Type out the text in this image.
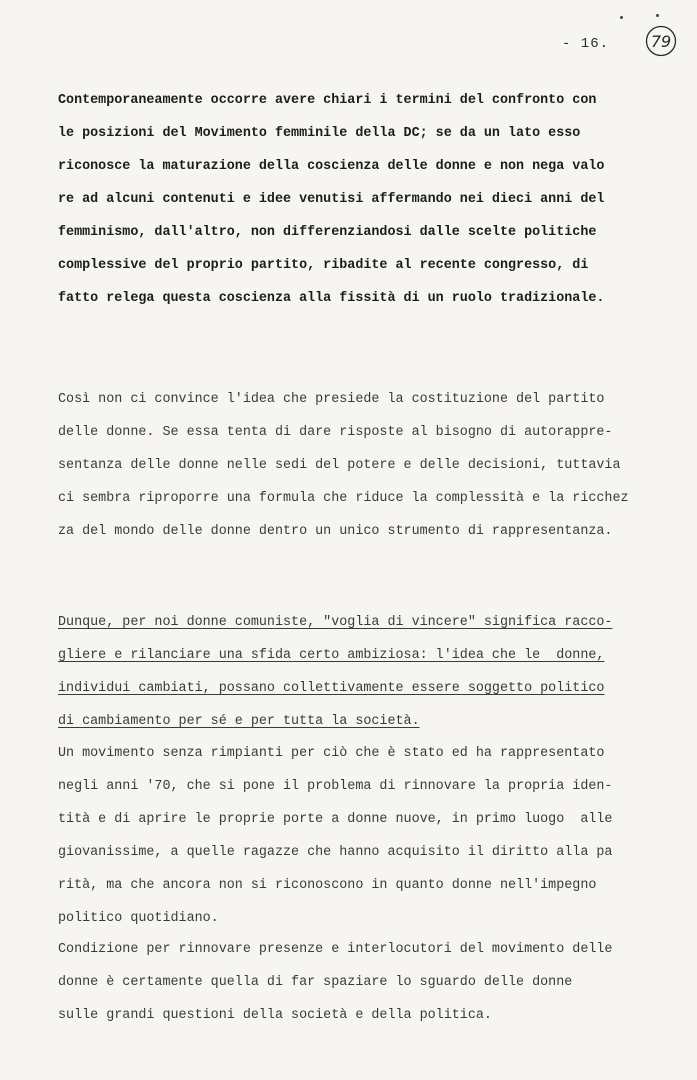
- 16.	79
Contemporaneamente occorre avere chiari i termini del confronto con
le posizioni del Movimento femminile della DC; se da un lato esso
riconosce la maturazione della coscienza delle donne e non nega valo
re ad alcuni contenuti e idee venutisi affermando nei dieci anni del
femminismo, dall'altro, non differenziandosi dalle scelte politiche
complessive del proprio partito, ribadite al recente congresso, di
fatto relega questa coscienza alla fissità di un ruolo tradizionale.
Così non ci convince l'idea che presiede la costituzione del partito
delle donne. Se essa tenta di dare risposte al bisogno di autorappre-
sentanza delle donne nelle sedi del potere e delle decisioni, tuttavia
ci sembra riproporre una formula che riduce la complessità e la ricchez
za del mondo delle donne dentro un unico strumento di rappresentanza.
Dunque, per noi donne comuniste, "voglia di vincere" significa racco-
gliere e rilanciare una sfida certo ambiziosa: l'idea che le  donne,
individui cambiati, possano collettivamente essere soggetto politico
di cambiamento per sé e per tutta la società.
Un movimento senza rimpianti per ciò che è stato ed ha rappresentato
negli anni '70, che si pone il problema di rinnovare la propria iden-
tità e di aprire le proprie porte a donne nuove, in primo luogo  alle
giovanissime, a quelle ragazze che hanno acquisito il diritto alla pa
rità, ma che ancora non si riconoscono in quanto donne nell'impegno
politico quotidiano.
Condizione per rinnovare presenze e interlocutori del movimento delle
donne è certamente quella di far spaziare lo sguardo delle donne
sulle grandi questioni della società e della politica.
